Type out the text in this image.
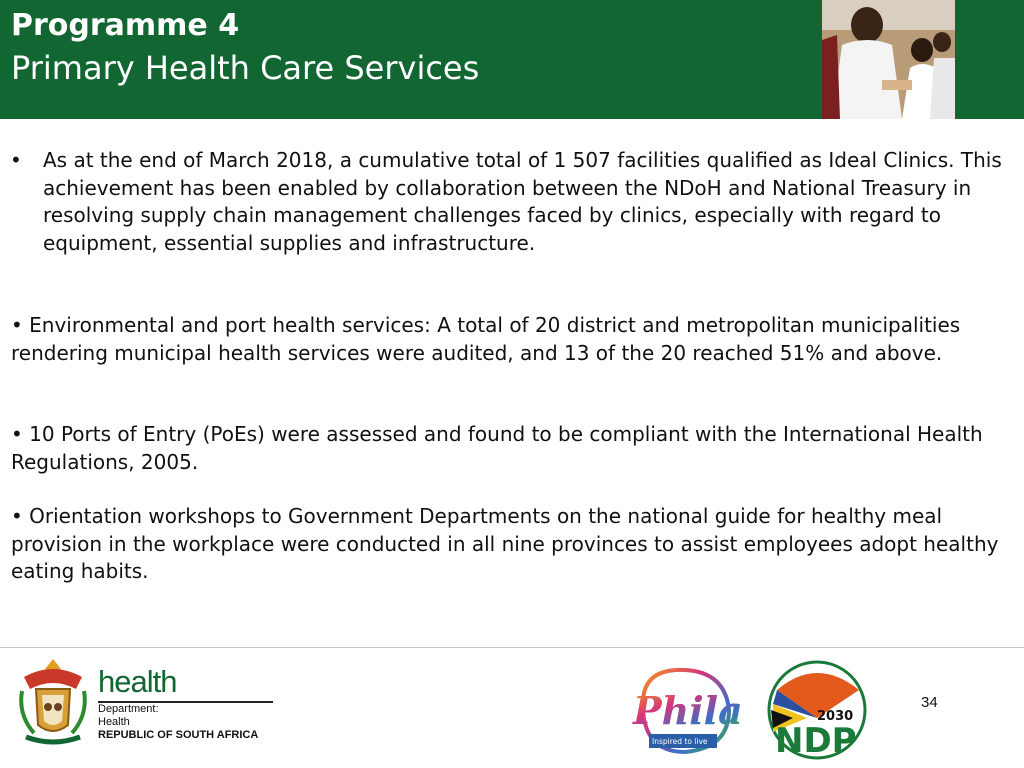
Programme 4
Primary Health Care Services
• As at the end of March 2018, a cumulative total of 1 507 facilities qualified as Ideal Clinics. This achievement has been enabled by collaboration between the NDoH and National Treasury in resolving supply chain management challenges faced by clinics, especially with regard to equipment, essential supplies and infrastructure.
• Environmental and port health services: A total of 20 district and metropolitan municipalities rendering municipal health services were audited, and 13 of the 20 reached 51% and above.
• 10 Ports of Entry (PoEs) were assessed and found to be compliant with the International Health Regulations, 2005.
• Orientation workshops to Government Departments on the national guide for healthy meal provision in the workplace were conducted in all nine provinces to assist employees adopt healthy eating habits.
health
Department:
Health
REPUBLIC OF SOUTH AFRICA
Phila
Inspired to live
2030
NDP
34
